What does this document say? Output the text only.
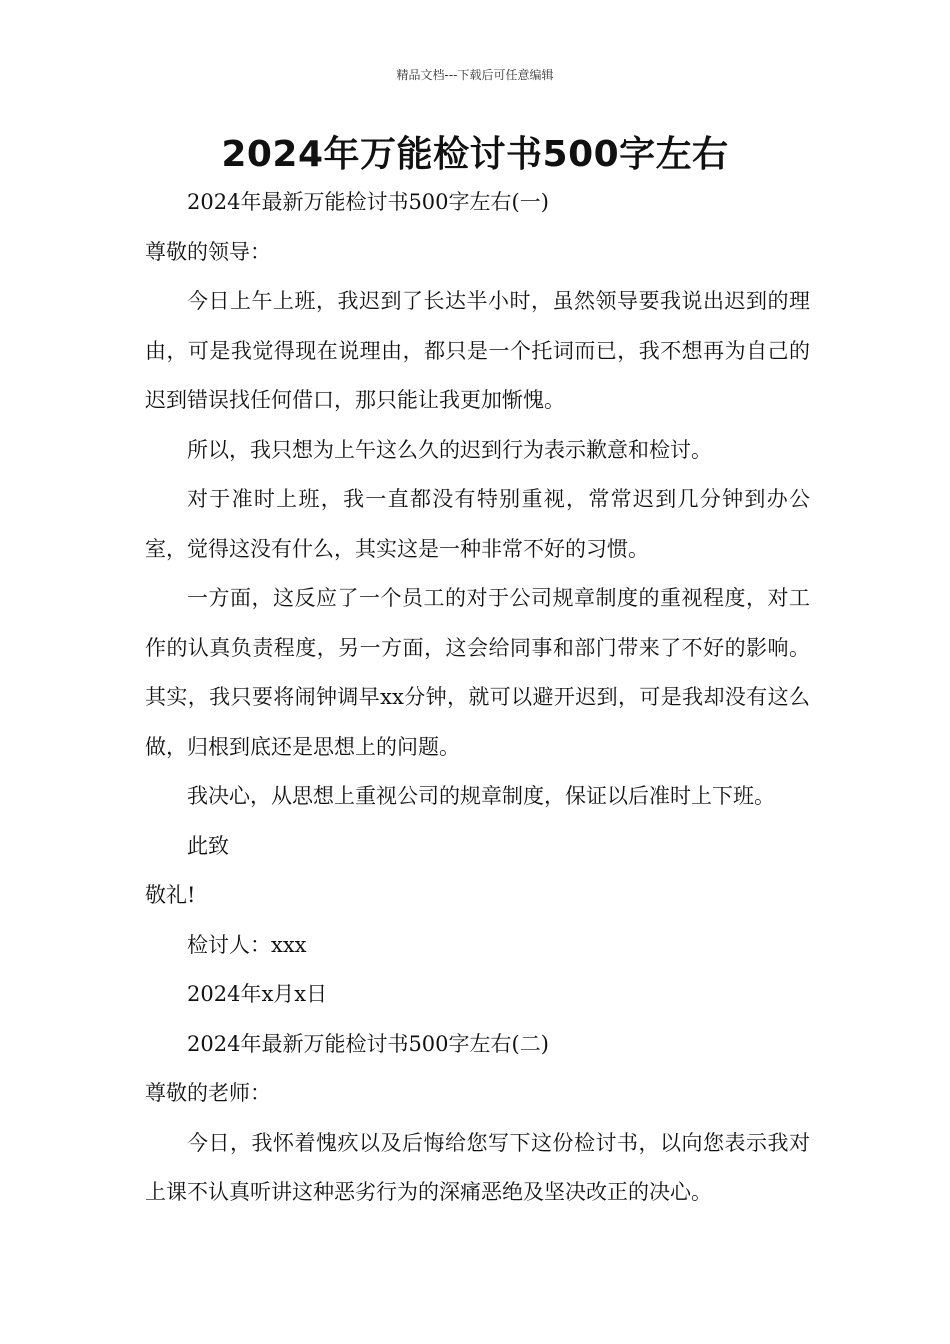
精品文档---下载后可任意编辑
2024年万能检讨书500字左右

2024年最新万能检讨书500字左右(一)

尊敬的领导：

今日上午上班，我迟到了长达半小时，虽然领导要我说出迟到的理由，可是我觉得现在说理由，都只是一个托词而已，我不想再为自己的迟到错误找任何借口，那只能让我更加惭愧。

所以，我只想为上午这么久的迟到行为表示歉意和检讨。

对于准时上班，我一直都没有特别重视，常常迟到几分钟到办公室，觉得这没有什么，其实这是一种非常不好的习惯。

一方面，这反应了一个员工的对于公司规章制度的重视程度，对工作的认真负责程度，另一方面，这会给同事和部门带来了不好的影响。其实，我只要将闹钟调早xx分钟，就可以避开迟到，可是我却没有这么做，归根到底还是思想上的问题。

我决心，从思想上重视公司的规章制度，保证以后准时上下班。

此致

敬礼!

检讨人：xxx

2024年x月x日

2024年最新万能检讨书500字左右(二)

尊敬的老师：

今日，我怀着愧疚以及后悔给您写下这份检讨书，以向您表示我对上课不认真听讲这种恶劣行为的深痛恶绝及坚决改正的决心。
